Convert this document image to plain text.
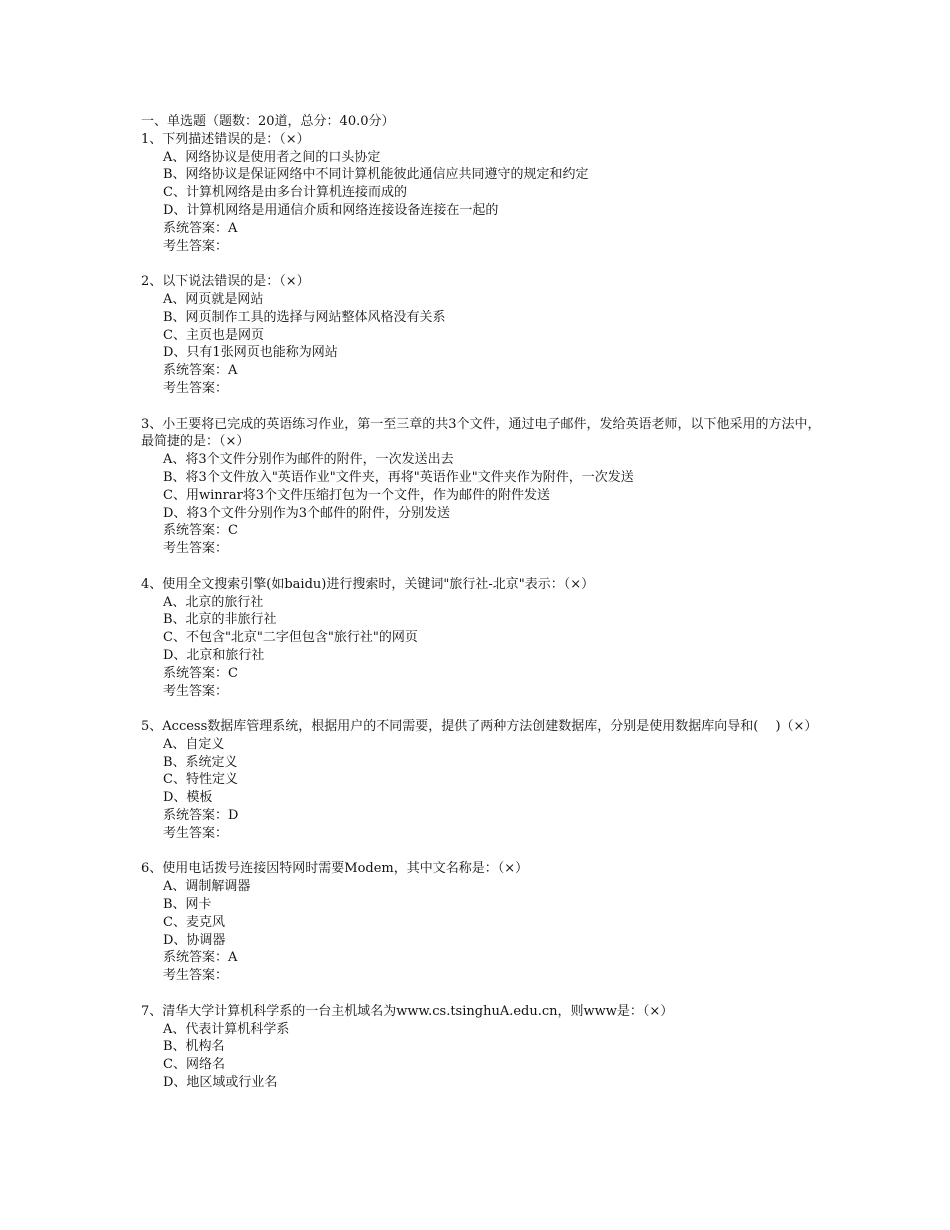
一、单选题（题数：20道，总分：40.0分）
1、下列描述错误的是：（×）
A、网络协议是使用者之间的口头协定
B、网络协议是保证网络中不同计算机能彼此通信应共同遵守的规定和约定
C、计算机网络是由多台计算机连接而成的
D、计算机网络是用通信介质和网络连接设备连接在一起的
系统答案：A
考生答案：
2、以下说法错误的是：（×）
A、网页就是网站
B、网页制作工具的选择与网站整体风格没有关系
C、主页也是网页
D、只有1张网页也能称为网站
系统答案：A
考生答案：
3、小王要将已完成的英语练习作业，第一至三章的共3个文件，通过电子邮件，发给英语老师，以下他采用的方法中，最简捷的是：（×）
A、将3个文件分别作为邮件的附件，一次发送出去
B、将3个文件放入"英语作业"文件夹，再将"英语作业"文件夹作为附件，一次发送
C、用winrar将3个文件压缩打包为一个文件，作为邮件的附件发送
D、将3个文件分别作为3个邮件的附件，分别发送
系统答案：C
考生答案：
4、使用全文搜索引擎(如baidu)进行搜索时，关键词"旅行社-北京"表示：（×）
A、北京的旅行社
B、北京的非旅行社
C、不包含"北京"二字但包含"旅行社"的网页
D、北京和旅行社
系统答案：C
考生答案：
5、Access数据库管理系统，根据用户的不同需要，提供了两种方法创建数据库，分别是使用数据库向导和(　 )（×）
A、自定义
B、系统定义
C、特性定义
D、模板
系统答案：D
考生答案：
6、使用电话拨号连接因特网时需要Modem，其中文名称是：（×）
A、调制解调器
B、网卡
C、麦克风
D、协调器
系统答案：A
考生答案：
7、清华大学计算机科学系的一台主机域名为www.cs.tsinghuA.edu.cn，则www是：（×）
A、代表计算机科学系
B、机构名
C、网络名
D、地区域或行业名
